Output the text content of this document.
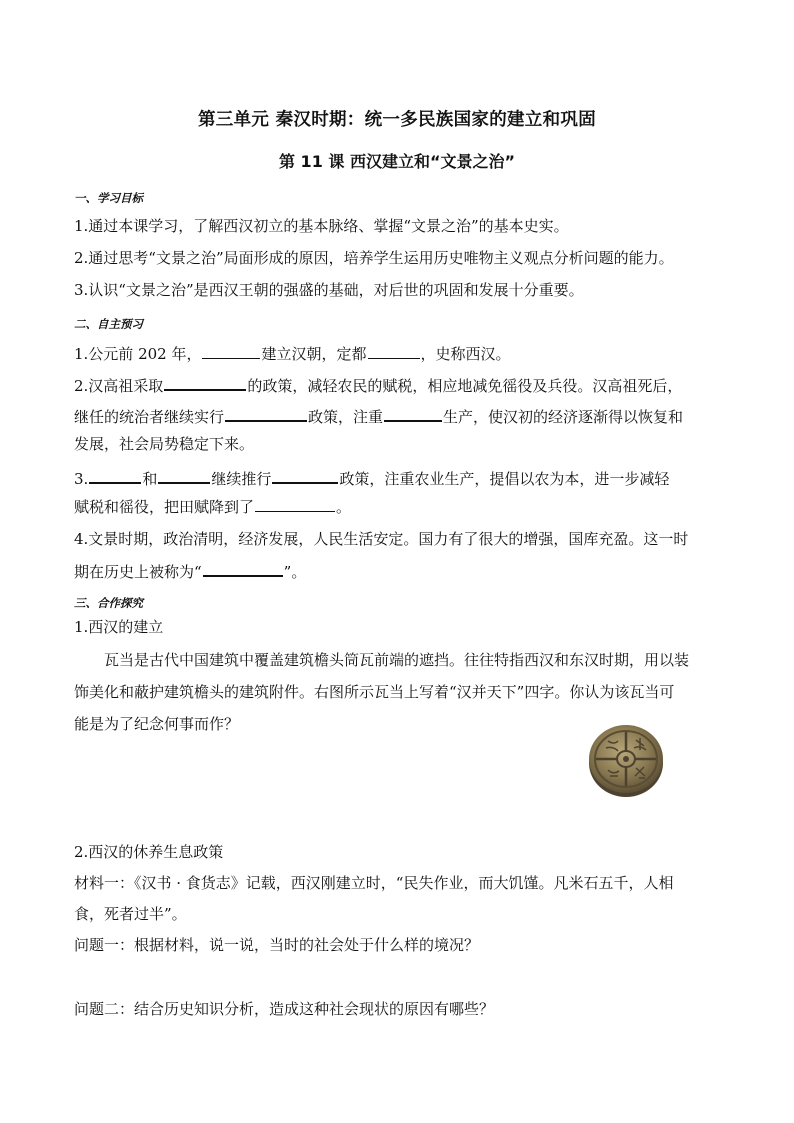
第三单元 秦汉时期：统一多民族国家的建立和巩固
第 11 课 西汉建立和“文景之治”
一、学习目标
1.通过本课学习，了解西汉初立的基本脉络、掌握“文景之治”的基本史实。
2.通过思考“文景之治”局面形成的原因，培养学生运用历史唯物主义观点分析问题的能力。
3.认识“文景之治”是西汉王朝的强盛的基础，对后世的巩固和发展十分重要。
二、自主预习
1.公元前 202 年，	建立汉朝，定都	，史称西汉。
2.汉高祖采取	的政策，减轻农民的赋税，相应地减免徭役及兵役。汉高祖死后，
继任的统治者继续实行	政策，注重	生产，使汉初的经济逐渐得以恢复和
发展，社会局势稳定下来。
3.	和	继续推行	政策，注重农业生产，提倡以农为本，进一步减轻
赋税和徭役，把田赋降到了	。
4.文景时期，政治清明，经济发展，人民生活安定。国力有了很大的增强，国库充盈。这一时
期在历史上被称为“	”。
三、合作探究
1.西汉的建立
瓦当是古代中国建筑中覆盖建筑檐头筒瓦前端的遮挡。往往特指西汉和东汉时期，用以装
饰美化和蔽护建筑檐头的建筑附件。右图所示瓦当上写着“汉并天下”四字。你认为该瓦当可
能是为了纪念何事而作？
2.西汉的休养生息政策
材料一：《汉书 · 食货志》记载，西汉刚建立时，“民失作业，而大饥馑。凡米石五千，人相
食，死者过半”。
问题一：根据材料，说一说，当时的社会处于什么样的境况？
问题二：结合历史知识分析，造成这种社会现状的原因有哪些？
